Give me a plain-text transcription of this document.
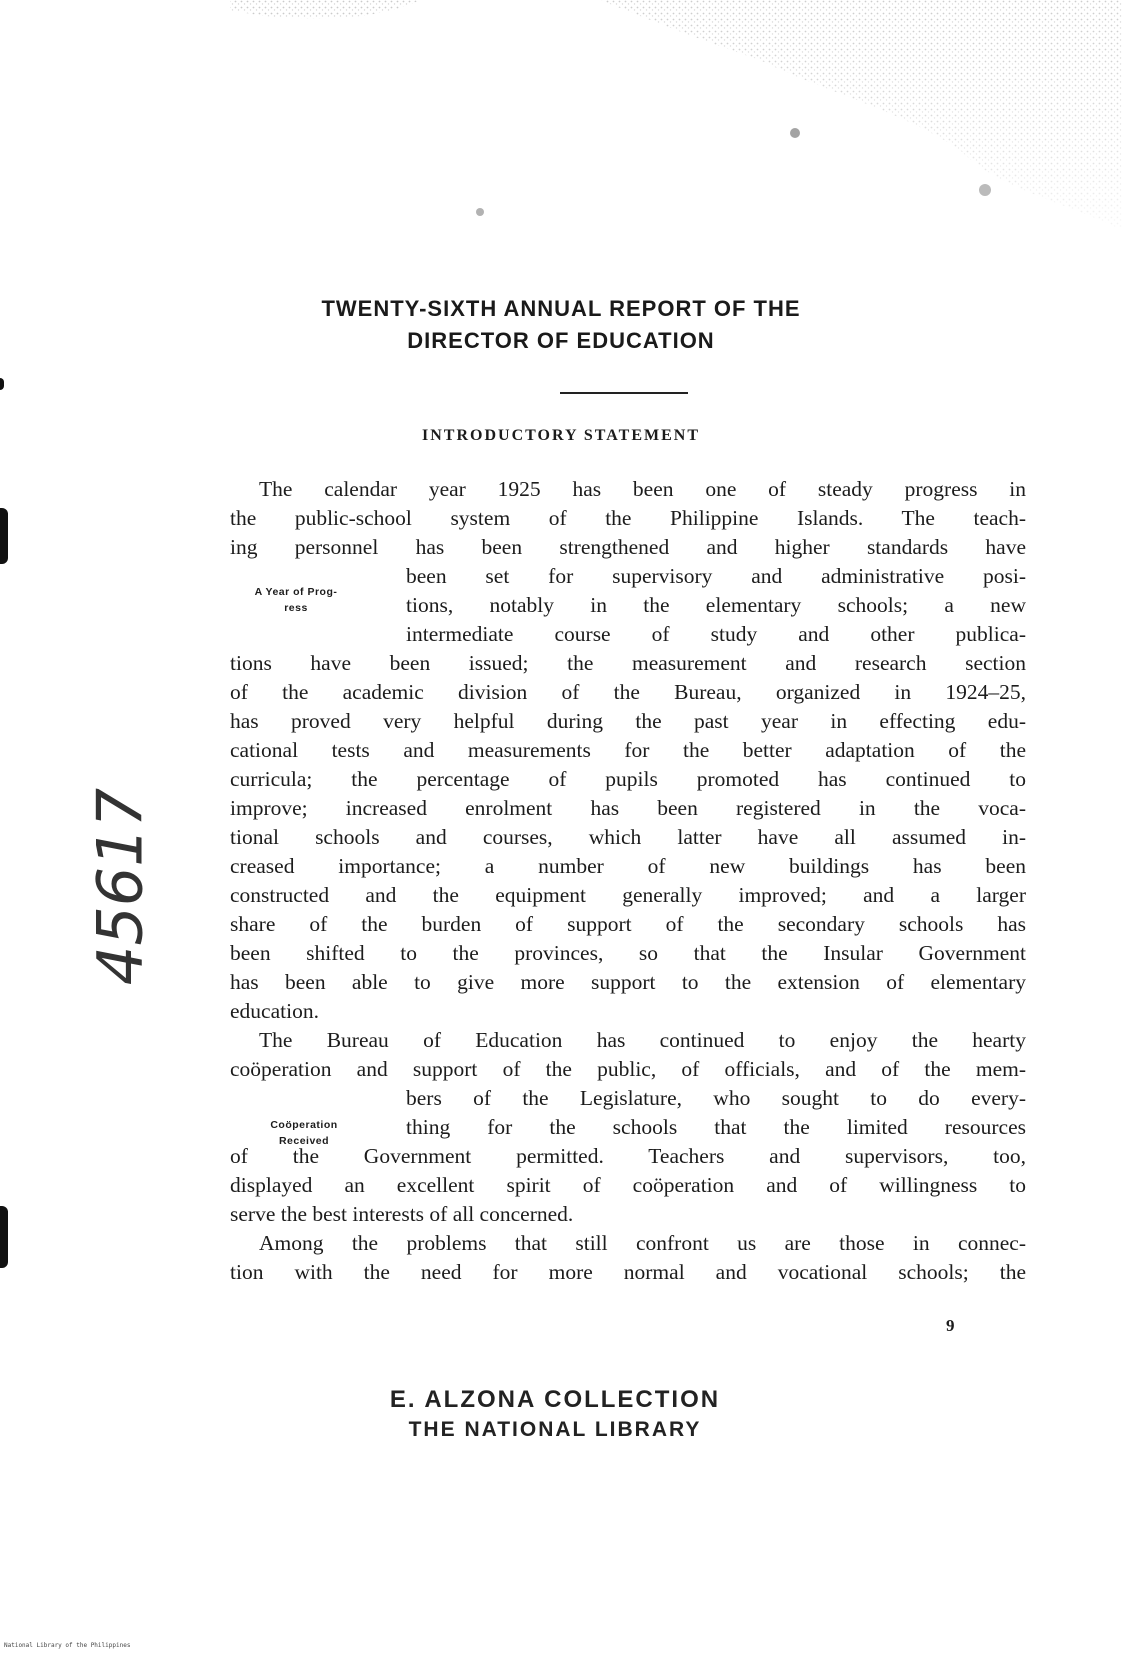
TWENTY-SIXTH ANNUAL REPORT OF THE
DIRECTOR OF EDUCATION
INTRODUCTORY STATEMENT
A Year of Prog-
ress
Coöperation
Received
The calendar year 1925 has been one of steady progress in
the public-school system of the Philippine Islands. The teach-
ing personnel has been strengthened and higher standards have
been set for supervisory and administrative posi-
tions, notably in the elementary schools; a new
intermediate course of study and other publica-
tions have been issued; the measurement and research section
of the academic division of the Bureau, organized in 1924–25,
has proved very helpful during the past year in effecting edu-
cational tests and measurements for the better adaptation of the
curricula; the percentage of pupils promoted has continued to
improve; increased enrolment has been registered in the voca-
tional schools and courses, which latter have all assumed in-
creased importance; a number of new buildings has been
constructed and the equipment generally improved; and a larger
share of the burden of support of the secondary schools has
been shifted to the provinces, so that the Insular Government
has been able to give more support to the extension of elementary
education.
The Bureau of Education has continued to enjoy the hearty
coöperation and support of the public, of officials, and of the mem-
bers of the Legislature, who sought to do every-
thing for the schools that the limited resources
of the Government permitted. Teachers and supervisors, too,
displayed an excellent spirit of coöperation and of willingness to
serve the best interests of all concerned.
Among the problems that still confront us are those in connec-
tion with the need for more normal and vocational schools; the
9
E. ALZONA COLLECTION
THE NATIONAL LIBRARY
45617
National Library of the Philippines
